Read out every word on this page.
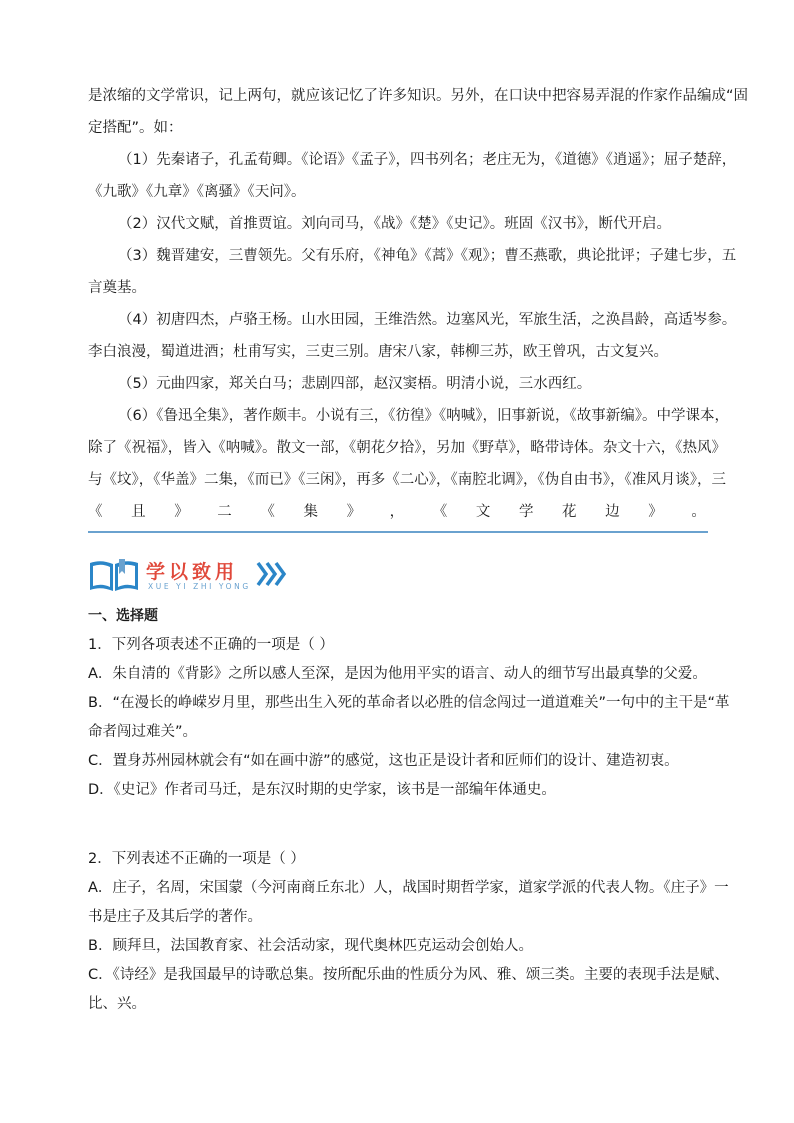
是浓缩的文学常识，记上两句，就应该记忆了许多知识。另外，在口诀中把容易弄混的作家作品编成“固

定搭配”。如：

（1）先秦诸子，孔孟荀卿。《论语》《孟子》，四书列名；老庄无为，《道德》《逍遥》；屈子楚辞，

《九歌》《九章》《离骚》《天问》。

（2）汉代文赋，首推贾谊。刘向司马，《战》《楚》《史记》。班固《汉书》，断代开启。

（3）魏晋建安，三曹领先。父有乐府，《神龟》《蒿》《观》；曹丕燕歌，典论批评；子建七步，五

言奠基。

（4）初唐四杰，卢骆王杨。山水田园，王维浩然。边塞风光，军旅生活，之涣昌龄，高适岑参。

李白浪漫，蜀道进酒；杜甫写实，三吏三别。唐宋八家，韩柳三苏，欧王曾巩，古文复兴。

（5）元曲四家，郑关白马；悲剧四部，赵汉窦梧。明清小说，三水西红。

（6）《鲁迅全集》，著作颇丰。小说有三，《彷徨》《呐喊》，旧事新说，《故事新编》。中学课本，

除了《祝福》，皆入《呐喊》。散文一部，《朝花夕拾》，另加《野草》，略带诗体。杂文十六，《热风》

与《坟》，《华盖》二集，《而已》《三闲》，再多《二心》，《南腔北调》，《伪自由书》，《准风月谈》，三

《 且 》 二 《 集 》 ， 《 文 学 花 边 》 。

学以致用
XUE YI ZHI YONG

一、选择题

1．下列各项表述不正确的一项是（ ）

A．朱自清的《背影》之所以感人至深，是因为他用平实的语言、动人的细节写出最真挚的父爱。

B．“在漫长的峥嵘岁月里，那些出生入死的革命者以必胜的信念闯过一道道难关”一句中的主干是“革

命者闯过难关”。

C．置身苏州园林就会有“如在画中游”的感觉，这也正是设计者和匠师们的设计、建造初衷。

D．《史记》作者司马迁，是东汉时期的史学家，该书是一部编年体通史。

2．下列表述不正确的一项是（ ）

A．庄子，名周，宋国蒙（今河南商丘东北）人，战国时期哲学家，道家学派的代表人物。《庄子》一

书是庄子及其后学的著作。

B．顾拜旦，法国教育家、社会活动家，现代奥林匹克运动会创始人。

C．《诗经》是我国最早的诗歌总集。按所配乐曲的性质分为风、雅、颂三类。主要的表现手法是赋、

比、兴。
